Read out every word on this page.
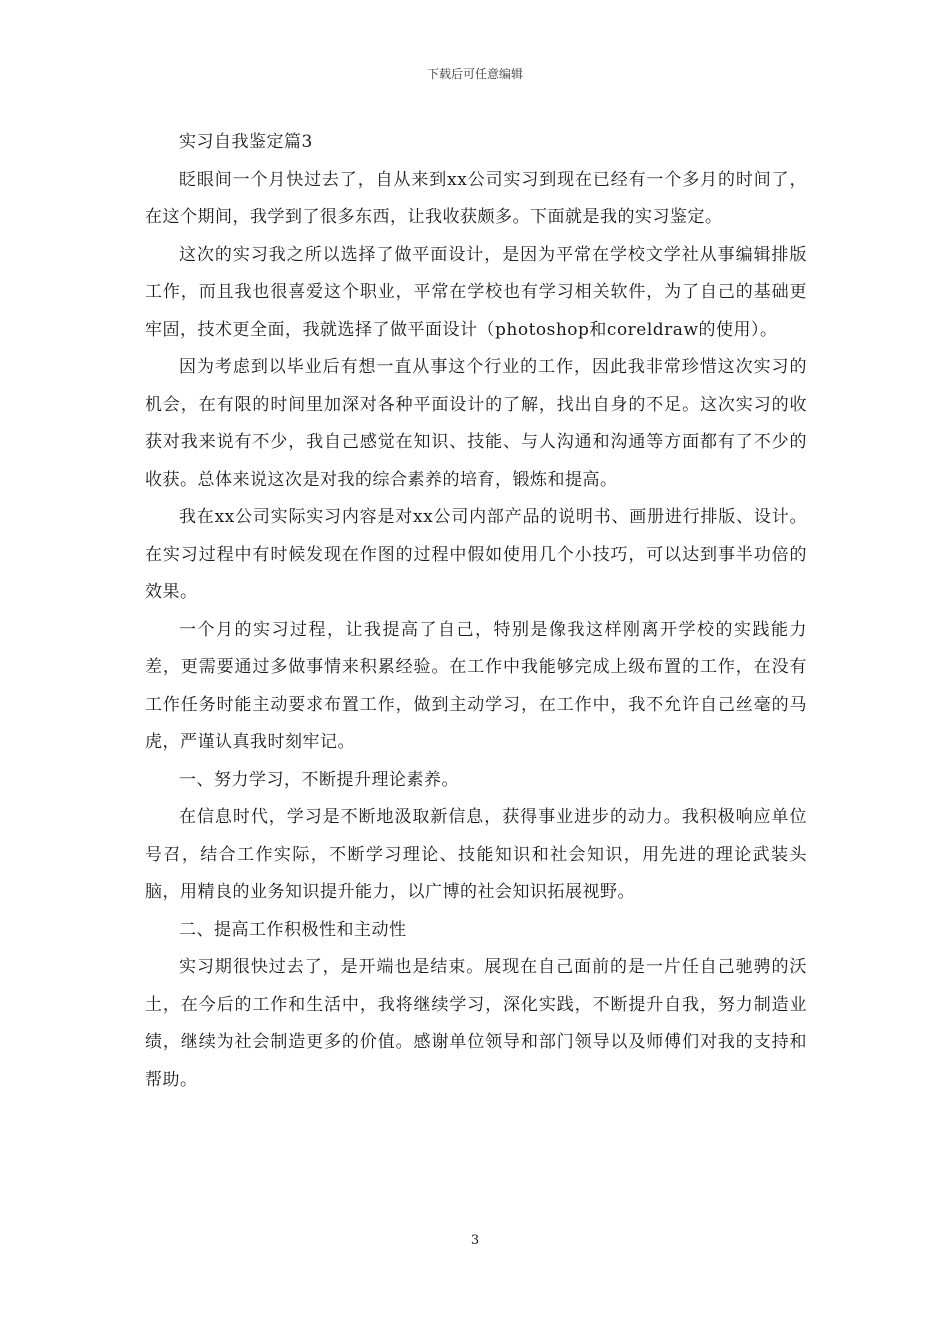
下载后可任意编辑

实习自我鉴定篇3

眨眼间一个月快过去了，自从来到xx公司实习到现在已经有一个多月的时间了，在这个期间，我学到了很多东西，让我收获颇多。下面就是我的实习鉴定。

这次的实习我之所以选择了做平面设计，是因为平常在学校文学社从事编辑排版工作，而且我也很喜爱这个职业，平常在学校也有学习相关软件，为了自己的基础更牢固，技术更全面，我就选择了做平面设计（photoshop和coreldraw的使用）。

因为考虑到以毕业后有想一直从事这个行业的工作，因此我非常珍惜这次实习的机会，在有限的时间里加深对各种平面设计的了解，找出自身的不足。这次实习的收获对我来说有不少，我自己感觉在知识、技能、与人沟通和沟通等方面都有了不少的收获。总体来说这次是对我的综合素养的培育，锻炼和提高。

我在xx公司实际实习内容是对xx公司内部产品的说明书、画册进行排版、设计。在实习过程中有时候发现在作图的过程中假如使用几个小技巧，可以达到事半功倍的效果。

一个月的实习过程，让我提高了自己，特别是像我这样刚离开学校的实践能力差，更需要通过多做事情来积累经验。在工作中我能够完成上级布置的工作，在没有工作任务时能主动要求布置工作，做到主动学习，在工作中，我不允许自己丝毫的马虎，严谨认真我时刻牢记。

一、努力学习，不断提升理论素养。

在信息时代，学习是不断地汲取新信息，获得事业进步的动力。我积极响应单位号召，结合工作实际，不断学习理论、技能知识和社会知识，用先进的理论武装头脑，用精良的业务知识提升能力，以广博的社会知识拓展视野。

二、提高工作积极性和主动性

实习期很快过去了，是开端也是结束。展现在自己面前的是一片任自己驰骋的沃土，在今后的工作和生活中，我将继续学习，深化实践，不断提升自我，努力制造业绩，继续为社会制造更多的价值。感谢单位领导和部门领导以及师傅们对我的支持和帮助。

3
